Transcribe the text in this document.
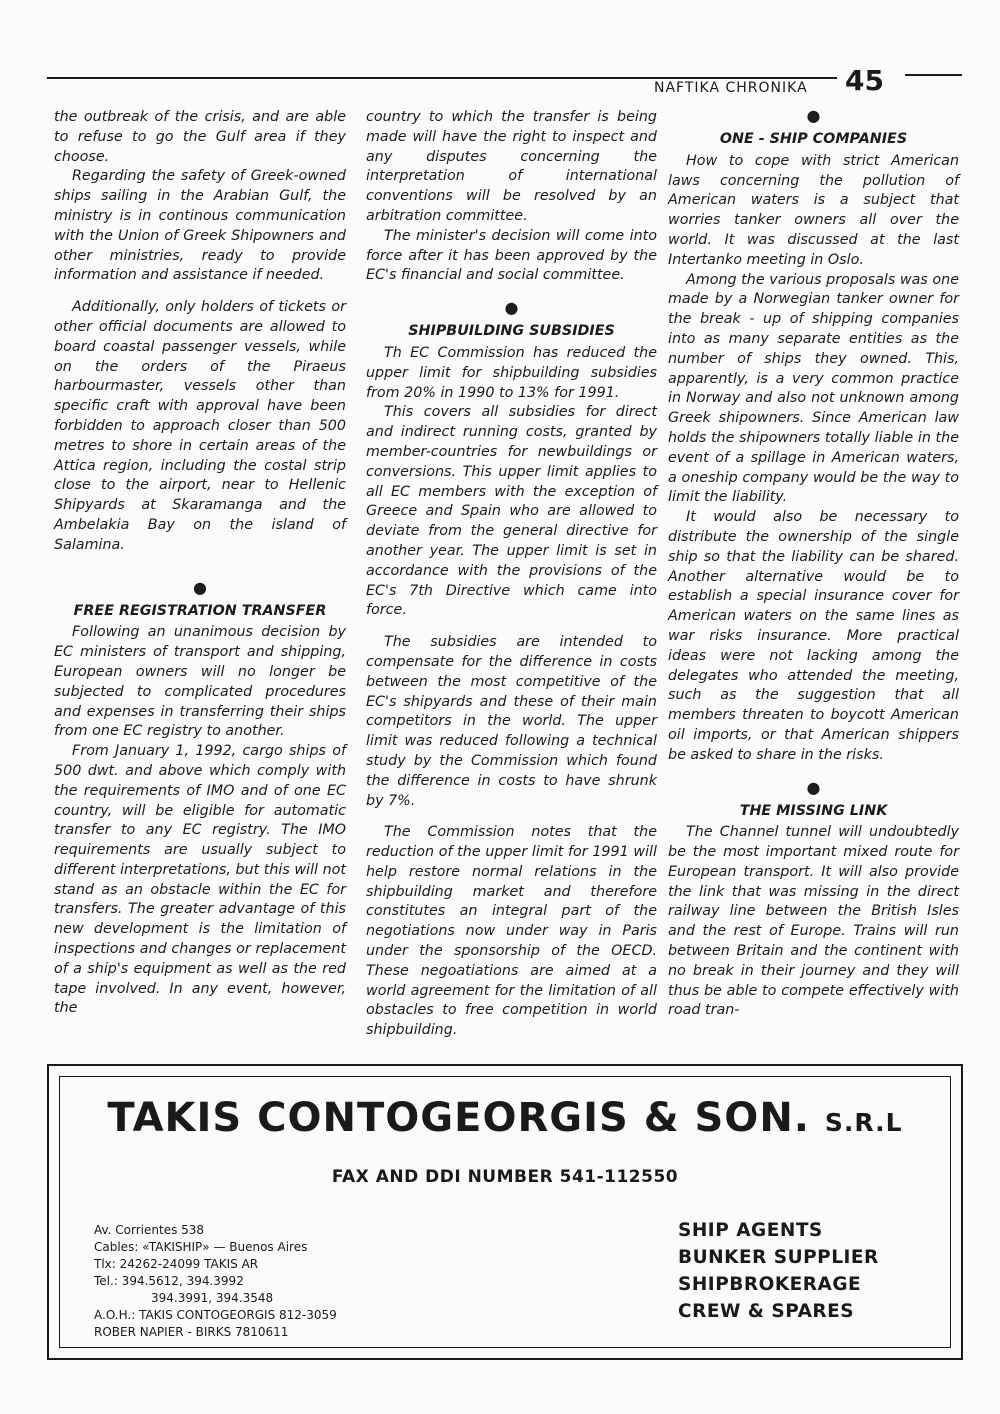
NAFTIKA CHRONIKA 45

the outbreak of the crisis, and are able to refuse to go the Gulf area if they choose.

Regarding the safety of Greek-owned ships sailing in the Arabian Gulf, the ministry is in continous communication with the Union of Greek Shipowners and other ministries, ready to provide information and assistance if needed.

Additionally, only holders of tickets or other official documents are allowed to board coastal passenger vessels, while on the orders of the Piraeus harbourmaster, vessels other than specific craft with approval have been forbidden to approach closer than 500 metres to shore in certain areas of the Attica region, including the costal strip close to the airport, near to Hellenic Shipyards at Skaramanga and the Ambelakia Bay on the island of Salamina.

●
FREE REGISTRATION TRANSFER

Following an unanimous decision by EC ministers of transport and shipping, European owners will no longer be subjected to complicated procedures and expenses in transferring their ships from one EC registry to another.

From January 1, 1992, cargo ships of 500 dwt. and above which comply with the requirements of IMO and of one EC country, will be eligible for automatic transfer to any EC registry. The IMO requirements are usually subject to different interpretations, but this will not stand as an obstacle within the EC for transfers. The greater advantage of this new development is the limitation of inspections and changes or replacement of a ship's equipment as well as the red tape involved. In any event, however, the

country to which the transfer is being made will have the right to inspect and any disputes concerning the interpretation of international conventions will be resolved by an arbitration committee.

The minister's decision will come into force after it has been approved by the EC's financial and social committee.

●
SHIPBUILDING SUBSIDIES

Th EC Commission has reduced the upper limit for shipbuilding subsidies from 20% in 1990 to 13% for 1991.

This covers all subsidies for direct and indirect running costs, granted by member-countries for newbuildings or conversions. This upper limit applies to all EC members with the exception of Greece and Spain who are allowed to deviate from the general directive for another year. The upper limit is set in accordance with the provisions of the EC's 7th Directive which came into force.

The subsidies are intended to compensate for the difference in costs between the most competitive of the EC's shipyards and these of their main competitors in the world. The upper limit was reduced following a technical study by the Commission which found the difference in costs to have shrunk by 7%.

The Commission notes that the reduction of the upper limit for 1991 will help restore normal relations in the shipbuilding market and therefore constitutes an integral part of the negotiations now under way in Paris under the sponsorship of the OECD. These negoatiations are aimed at a world agreement for the limitation of all obstacles to free competition in world shipbuilding.

●
ONE - SHIP COMPANIES

How to cope with strict American laws concerning the pollution of American waters is a subject that worries tanker owners all over the world. It was discussed at the last Intertanko meeting in Oslo.

Among the various proposals was one made by a Norwegian tanker owner for the break - up of shipping companies into as many separate entities as the number of ships they owned. This, apparently, is a very common practice in Norway and also not unknown among Greek shipowners. Since American law holds the shipowners totally liable in the event of a spillage in American waters, a oneship company would be the way to limit the liability.

It would also be necessary to distribute the ownership of the single ship so that the liability can be shared. Another alternative would be to establish a special insurance cover for American waters on the same lines as war risks insurance. More practical ideas were not lacking among the delegates who attended the meeting, such as the suggestion that all members threaten to boycott American oil imports, or that American shippers be asked to share in the risks.

●
THE MISSING LINK

The Channel tunnel will undoubtedly be the most important mixed route for European transport. It will also provide the link that was missing in the direct railway line between the British Isles and the rest of Europe. Trains will run between Britain and the continent with no break in their journey and they will thus be able to compete effectively with road tran-

TAKIS CONTOGEORGIS & SON. S.R.L
FAX AND DDI NUMBER 541-112550
Av. Corrientes 538
Cables: «TAKISHIP» — Buenos Aires
Tlx: 24262-24099 TAKIS AR
Tel.: 394.5612, 394.3992
394.3991, 394.3548
A.O.H.: TAKIS CONTOGEORGIS 812-3059
ROBER NAPIER - BIRKS 7810611
SHIP AGENTS
BUNKER SUPPLIER
SHIPBROKERAGE
CREW & SPARES
